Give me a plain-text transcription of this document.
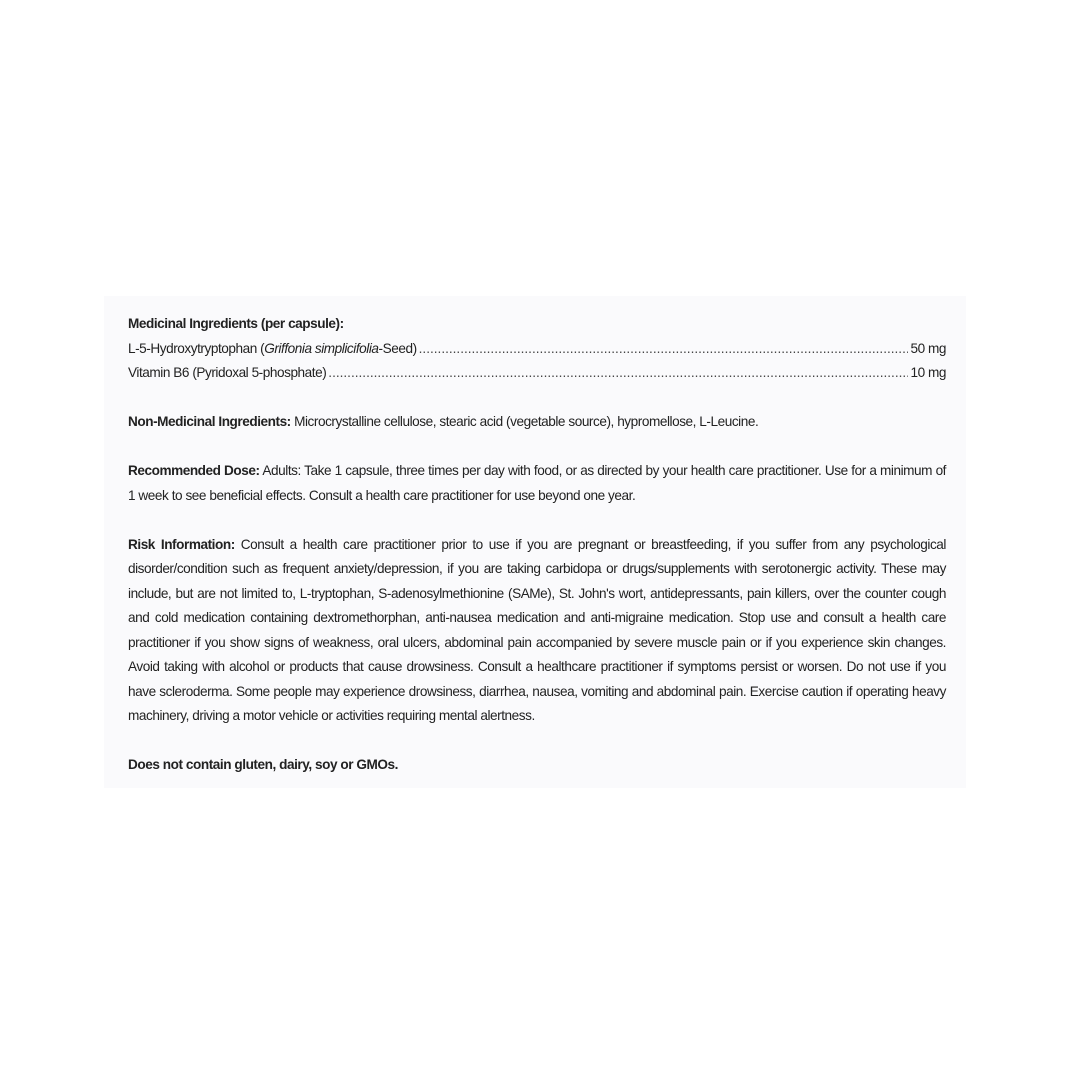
Medicinal Ingredients (per capsule):
L-5-Hydroxytryptophan (Griffonia simplicifolia-Seed) .....	50 mg
Vitamin B6 (Pyridoxal 5-phosphate) .....	10 mg
Non-Medicinal Ingredients: Microcrystalline cellulose, stearic acid (vegetable source), hypromellose, L-Leucine.
Recommended Dose: Adults: Take 1 capsule, three times per day with food, or as directed by your health care practitioner. Use for a minimum of 1 week to see beneficial effects. Consult a health care practitioner for use beyond one year.
Risk Information: Consult a health care practitioner prior to use if you are pregnant or breastfeeding, if you suffer from any psychological disorder/condition such as frequent anxiety/depression, if you are taking carbidopa or drugs/supplements with serotonergic activity. These may include, but are not limited to, L-tryptophan, S-adenosylmethionine (SAMe), St. John's wort, antidepressants, pain killers, over the counter cough and cold medication containing dextromethorphan, anti-nausea medication and anti-migraine medication. Stop use and consult a health care practitioner if you show signs of weakness, oral ulcers, abdominal pain accompanied by severe muscle pain or if you experience skin changes. Avoid taking with alcohol or products that cause drowsiness. Consult a healthcare practitioner if symptoms persist or worsen. Do not use if you have scleroderma. Some people may experience drowsiness, diarrhea, nausea, vomiting and abdominal pain. Exercise caution if operating heavy machinery, driving a motor vehicle or activities requiring mental alertness.
Does not contain gluten, dairy, soy or GMOs.
